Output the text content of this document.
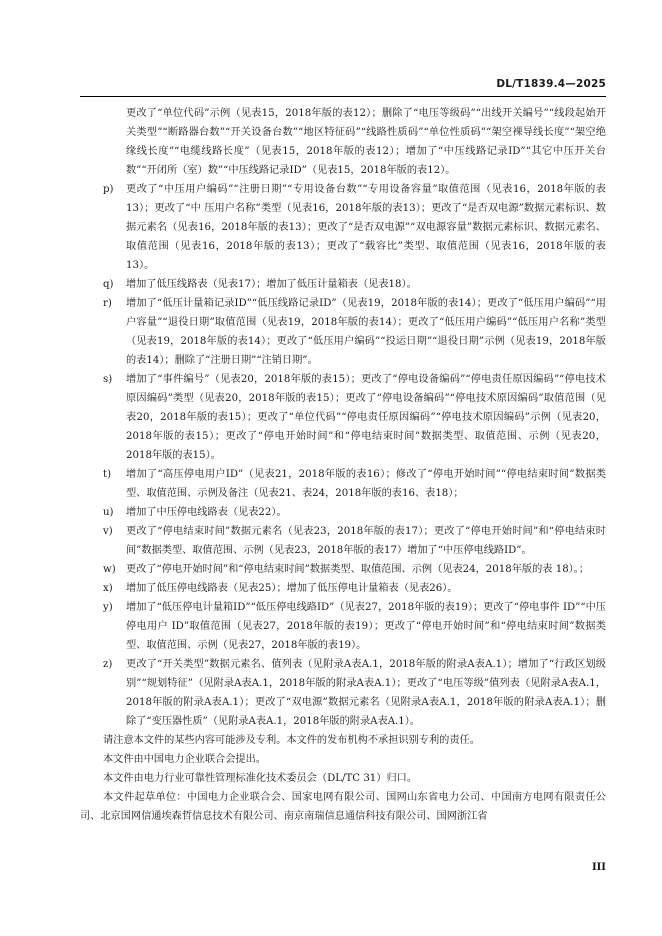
DL/T1839.4—2025

更改了“单位代码”示例（见表15，2018年版的表12）；删除了“电压等级码”“出线开关编号”“线段起始开关类型”“断路器台数”“开关设备台数”“地区特征码”“线路性质码”“单位性质码”“架空裸导线长度”“架空绝缘线长度”“电缆线路长度”（见表15，2018年版的表12）；增加了“中压线路记录ID”“其它中压开关台数”“开闭所（室）数”“中压线路记录ID”（见表15，2018年版的表12）。

p)	更改了“中压用户编码”“注册日期”“专用设备台数”“专用设备容量”取值范围（见表16，2018年版的表13）；更改了“中 压用户名称”类型（见表16，2018年版的表13）；更改了“是否双电源”数据元素标识、数据元素名（见表16，2018年版的表13）；更改了“是否双电源”“双电源容量”数据元素标识、数据元素名、取值范围（见表16，2018年版的表13）；更改了“载容比”类型、取值范围（见表16，2018年版的表13）。
q)	增加了低压线路表（见表17）；增加了低压计量箱表（见表18）。
r)	增加了“低压计量箱记录ID”“低压线路记录ID”（见表19，2018年版的表14）；更改了“低压用户编码”“用户容量”“退役日期”取值范围（见表19，2018年版的表14）；更改了“低压用户编码”“低压用户名称”类型（见表19，2018年版的表14）；更改了“低压用户编码”“投运日期”“退役日期”示例（见表19，2018年版的表14）；删除了“注册日期”“注销日期”。
s)	增加了“事件编号”（见表20，2018年版的表15）；更改了“停电设备编码”“停电责任原因编码”“停电技术原因编码”类型（见表20，2018年版的表15）；更改了“停电设备编码”“停电技术原因编码”取值范围（见表20，2018年版的表15）；更改了“单位代码”“停电责任原因编码”“停电技术原因编码”示例（见表20，2018年版的表15）；更改了“停电开始时间”和“停电结束时间”数据类型、取值范围、示例（见表20，2018年版的表15）。
t)	增加了“高压停电用户ID”（见表21，2018年版的表16）；修改了“停电开始时间”“停电结束时间”数据类型、取值范围、示例及备注（见表21、表24，2018年版的表16、表18）；
u)	增加了中压停电线路表（见表22）。
v)	更改了“停电结束时间”数据元素名（见表23，2018年版的表17）；更改了“停电开始时间”和“停电结束时间”数据类型、取值范围、示例（见表23，2018年版的表17）增加了“中压停电线路ID”。
w)	更改了“停电开始时间”和“停电结束时间”数据类型、取值范围、示例（见表24，2018年版的表 18）。；
x)	增加了低压停电线路表（见表25）；增加了低压停电计量箱表（见表26）。
y)	增加了“低压停电计量箱ID”“低压停电线路ID”（见表27，2018年版的表19）；更改了“停电事件 ID”“中压停电用户 ID”取值范围（见表27，2018年版的表19）；更改了“停电开始时间”和“停电结束时间”数据类型、取值范围、示例（见表27，2018年版的表19）。
z)	更改了“开关类型”数据元素名、值列表（见附录A表A.1，2018年版的附录A表A.1）；增加了“行政区划级别”“规划特征”（见附录A表A.1，2018年版的附录A表A.1）；更改了“电压等级”值列表（见附录A表A.1，2018年版的附录A表A.1）；更改了“双电源”数据元素名（见附录A表A.1，2018年版的附录A表A.1）；删除了“变压器性质”（见附录A表A.1，2018年版的附录A表A.1）。

请注意本文件的某些内容可能涉及专利。本文件的发布机构不承担识别专利的责任。

本文件由中国电力企业联合会提出。

本文件由电力行业可靠性管理标准化技术委员会（DL/TC 31）归口。

本文件起草单位：中国电力企业联合会、国家电网有限公司、国网山东省电力公司、中国南方电网有限责任公司、北京国网信通埃森哲信息技术有限公司、南京南瑞信息通信科技有限公司、国网浙江省

III
